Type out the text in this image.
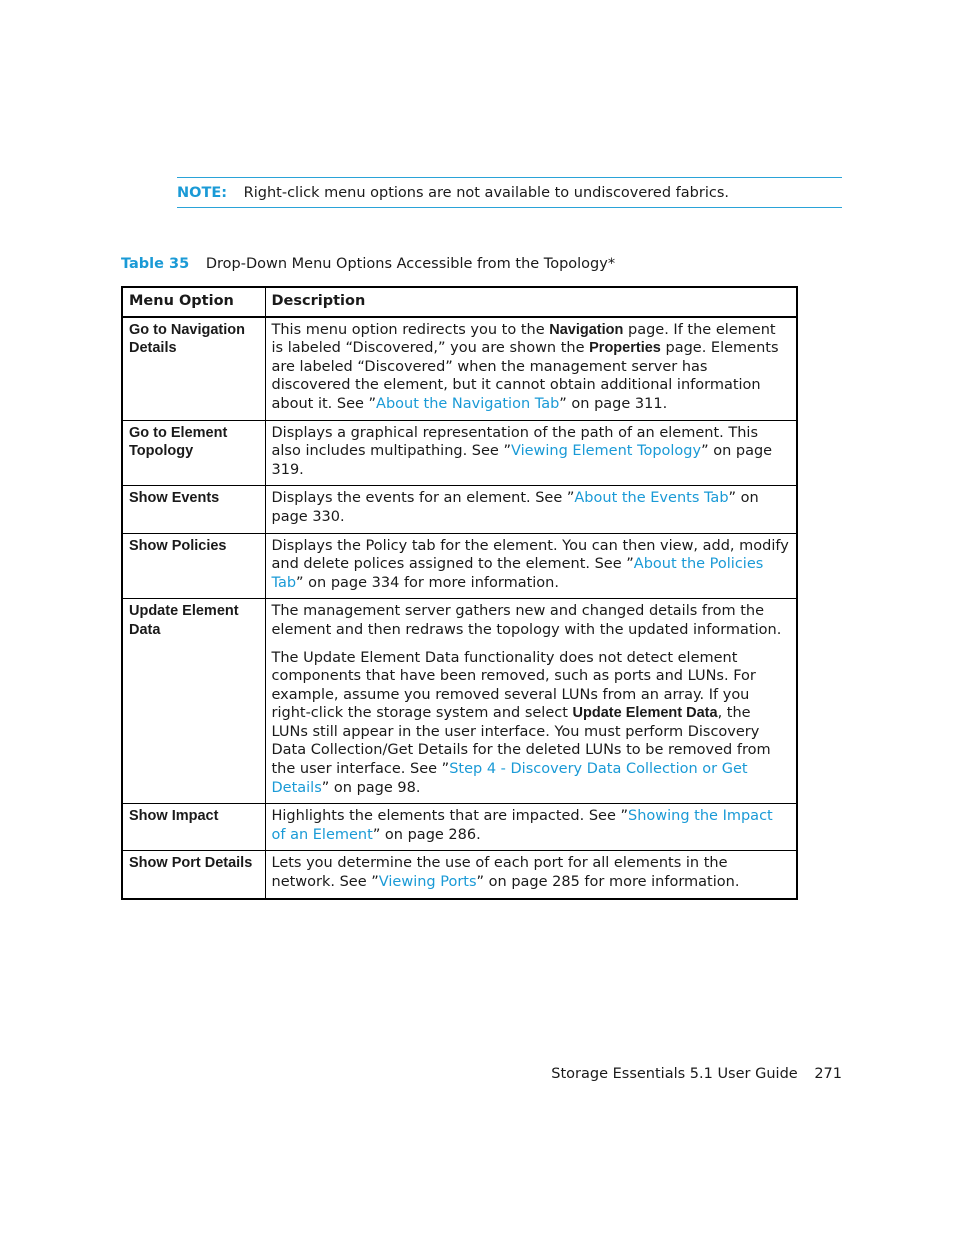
NOTE: Right-click menu options are not available to undiscovered fabrics.
Table 35 Drop-Down Menu Options Accessible from the Topology*
Menu Option	Description
Go to Navigation Details	This menu option redirects you to the Navigation page. If the element is labeled “Discovered,” you are shown the Properties page. Elements are labeled “Discovered” when the management server has discovered the element, but it cannot obtain additional information about it. See ”About the Navigation Tab” on page 311.

Go to Element Topology	Displays a graphical representation of the path of an element. This also includes multipathing. See ”Viewing Element Topology” on page 319.

Show Events	Displays the events for an element. See ”About the Events Tab” on page 330.

Show Policies	Displays the Policy tab for the element. You can then view, add, modify and delete polices assigned to the element. See ”About the Policies Tab” on page 334 for more information.

Update Element Data	The management server gathers new and changed details from the element and then redraws the topology with the updated information.

The Update Element Data functionality does not detect element components that have been removed, such as ports and LUNs. For example, assume you removed several LUNs from an array. If you right-click the storage system and select Update Element Data, the LUNs still appear in the user interface. You must perform Discovery Data Collection/Get Details for the deleted LUNs to be removed from the user interface. See ”Step 4 - Discovery Data Collection or Get Details” on page 98.

Show Impact	Highlights the elements that are impacted. See ”Showing the Impact of an Element” on page 286.

Show Port Details	Lets you determine the use of each port for all elements in the network. See ”Viewing Ports” on page 285 for more information.

Storage Essentials 5.1 User Guide 271
